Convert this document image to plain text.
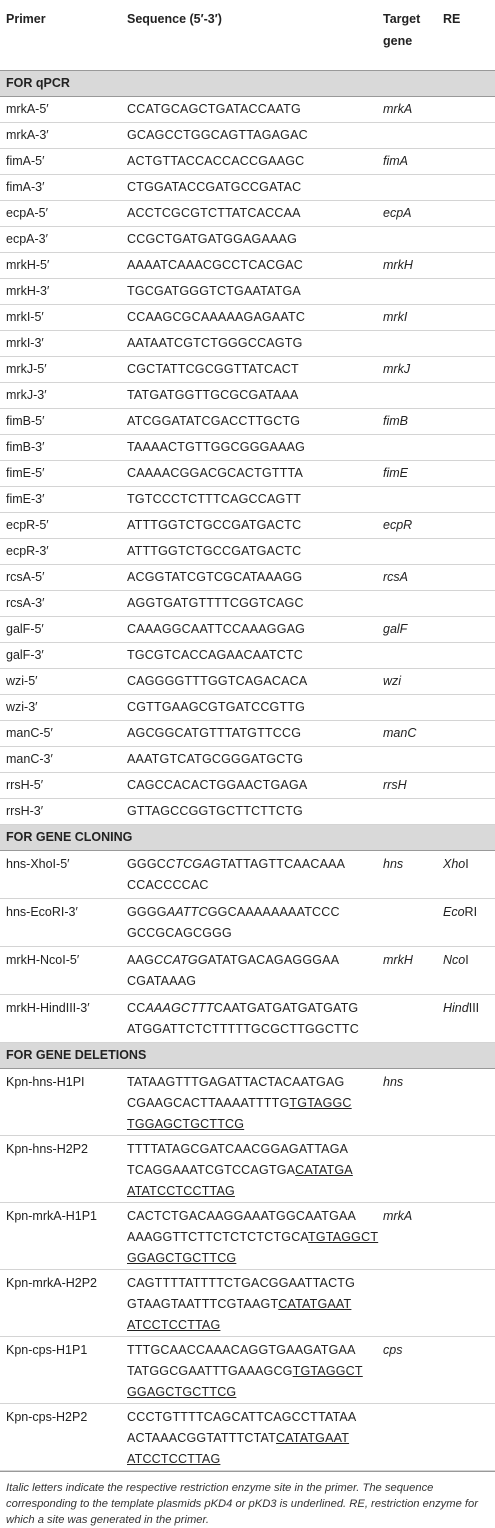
Primer	Sequence (5′-3′)	Target gene	RE
FOR qPCR			
mrkA-5′	CCATGCAGCTGATACCAATG	mrkA	
mrkA-3′	GCAGCCTGGCAGTTAGAGAC		
fimA-5′	ACTGTTACCACCACCGAAGC	fimA	
fimA-3′	CTGGATACCGATGCCGATAC		
ecpA-5′	ACCTCGCGTCTTATCACCAA	ecpA	
ecpA-3′	CCGCTGATGATGGAGAAAG		
mrkH-5′	AAAATCAAACGCCTCACGAC	mrkH	
mrkH-3′	TGCGATGGGTCTGAATATGA		
mrkI-5′	CCAAGCGCAAAAAGAGAATC	mrkI	
mrkI-3′	AATAATCGTCTGGGCCAGTG		
mrkJ-5′	CGCTATTCGCGGTTATCACT	mrkJ	
mrkJ-3′	TATGATGGTTGCGCGATAAA		
fimB-5′	ATCGGATATCGACCTTGCTG	fimB	
fimB-3′	TAAAACTGTTGGCGGGAAAG		
fimE-5′	CAAAACGGACGCACTGTTTA	fimE	
fimE-3′	TGTCCCTCTTTCAGCCAGTT		
ecpR-5′	ATTTGGTCTGCCGATGACTC	ecpR	
ecpR-3′	ATTTGGTCTGCCGATGACTC		
rcsA-5′	ACGGTATCGTCGCATAAAGG	rcsA	
rcsA-3′	AGGTGATGTTTTCGGTCAGC		
galF-5′	CAAAGGCAATTCCAAAGGAG	galF	
galF-3′	TGCGTCACCAGAACAATCTC		
wzi-5′	CAGGGGTTTGGTCAGACACA	wzi	
wzi-3′	CGTTGAAGCGTGATCCGTTG		
manC-5′	AGCGGCATGTTTATGTTCCG	manC	
manC-3′	AAATGTCATGCGGGATGCTG		
rrsH-5′	CAGCCACACTGGAACTGAGA	rrsH	
rrsH-3′	GTTAGCCGGTGCTTCTTCTG		
FOR GENE CLONING			
hns-XhoI-5′	GGGCCTCGAGTATTAGTTCAACAAA
CCACCCCAC	hns	XhoI
hns-EcoRI-3′	GGGGAATTCGGCAAAAAAAATCCC
GCCGCAGCGGG		EcoRI
mrkH-NcoI-5′	AAGCCATGGATATGACAGAGGGAA
CGATAAAG	mrkH	NcoI
mrkH-HindIII-3′	CCAAAGCTTTCAATGATGATGATGATG
ATGGATTCTCTTTTTGCGCTTGGCTTC		HindIII
FOR GENE DELETIONS			
Kpn-hns-H1PI	TATAAGTTTGAGATTACTACAATGAG
CGAAGCACTTAAAATTTTGTGTAGGC
TGGAGCTGCTTCG	hns	
Kpn-hns-H2P2	TTTTATAGCGATCAACGGAGATTAGA
TCAGGAAATCGTCCAGTGACATATGA
ATATCCTCCTTAG		
Kpn-mrkA-H1P1	CACTCTGACAAGGAAATGGCAATGAA
AAAGGTTCTTCTCTCTCTGCATGTAGGCT
GGAGCTGCTTCG	mrkA	
Kpn-mrkA-H2P2	CAGTTTTATTTTCTGACGGAATTACTG
GTAAGTAATTTCGTAAGTCATATGAAT
ATCCTCCTTAG		
Kpn-cps-H1P1	TTTGCAACCAAACAGGTGAAGATGAA
TATGGCGAATTTGAAAGCGTGTAGGCT
GGAGCTGCTTCG	cps	
Kpn-cps-H2P2	CCCTGTTTTCAGCATTCAGCCTTATAA
ACTAAACGGTATTTCTATCATATGAAT
ATCCTCCTTAG		
Italic letters indicate the respective restriction enzyme site in the primer. The sequence corresponding to the template plasmids pKD4 or pKD3 is underlined. RE, restriction enzyme for which a site was generated in the primer.
